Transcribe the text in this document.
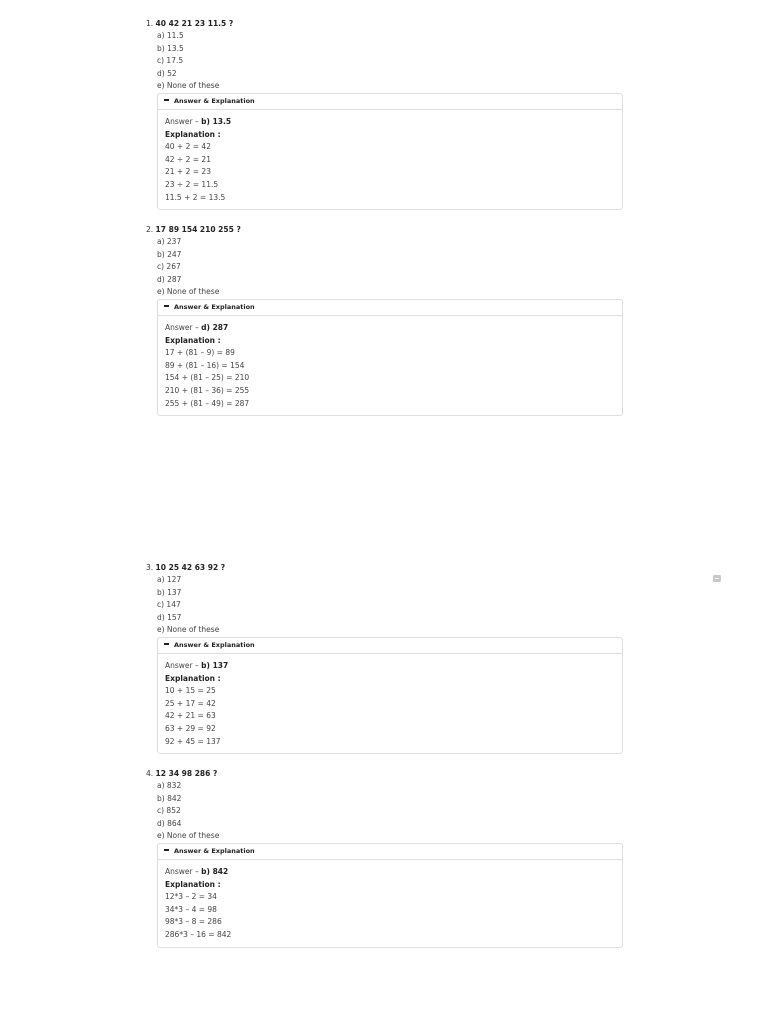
1. 40 42 21 23 11.5 ?
a) 11.5
b) 13.5
c) 17.5
d) 52
e) None of these
Answer & Explanation
Answer – b) 13.5
Explanation :
40 + 2 = 42
42 ÷ 2 = 21
21 + 2 = 23
23 ÷ 2 = 11.5
11.5 + 2 = 13.5
2. 17 89 154 210 255 ?
a) 237
b) 247
c) 267
d) 287
e) None of these
Answer & Explanation
Answer – d) 287
Explanation :
17 + (81 – 9) = 89
89 + (81 – 16) = 154
154 + (81 – 25) = 210
210 + (81 – 36) = 255
255 + (81 – 49) = 287
3. 10 25 42 63 92 ?
a) 127
b) 137
c) 147
d) 157
e) None of these
Answer & Explanation
Answer – b) 137
Explanation :
10 + 15 = 25
25 + 17 = 42
42 + 21 = 63
63 + 29 = 92
92 + 45 = 137
4. 12 34 98 286 ?
a) 832
b) 842
c) 852
d) 864
e) None of these
Answer & Explanation
Answer – b) 842
Explanation :
12*3 – 2 = 34
34*3 – 4 = 98
98*3 – 8 = 286
286*3 – 16 = 842
